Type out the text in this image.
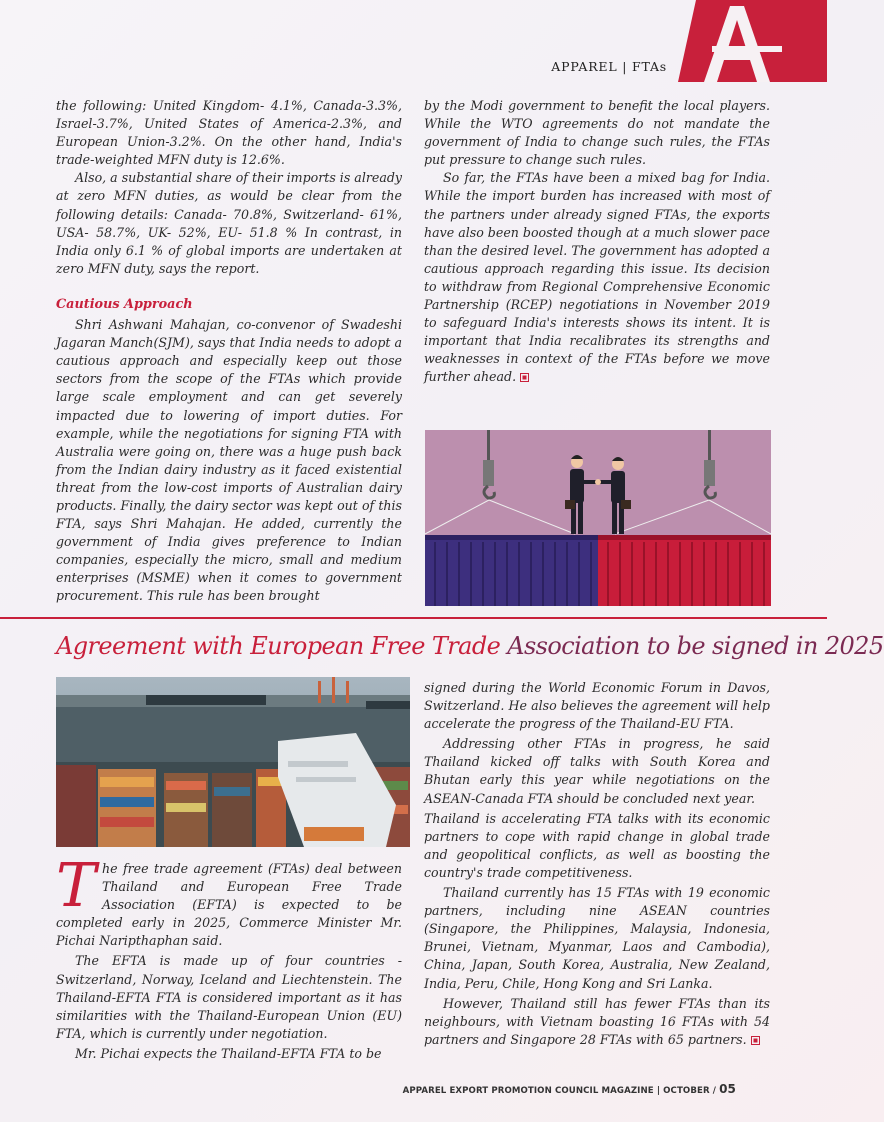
APPAREL | FTAs

the following: United Kingdom- 4.1%, Canada-3.3%, Israel-3.7%, United States of America-2.3%, and European Union-3.2%. On the other hand, India's trade-weighted MFN duty is 12.6%.

Also, a substantial share of their imports is already at zero MFN duties, as would be clear from the following details: Canada- 70.8%, Switzerland- 61%, USA- 58.7%, UK- 52%, EU- 51.8 % In contrast, in India only 6.1 % of global imports are undertaken at zero MFN duty, says the report.

Cautious Approach

Shri Ashwani Mahajan, co-convenor of Swadeshi Jagaran Manch(SJM), says that India needs to adopt a cautious approach and especially keep out those sectors from the scope of the FTAs which provide large scale employment and can get severely impacted due to lowering of import duties. For example, while the negotiations for signing FTA with Australia were going on, there was a huge push back from the Indian dairy industry as it faced existential threat from the low-cost imports of Australian dairy products. Finally, the dairy sector was kept out of this FTA, says Shri Mahajan. He added, currently the government of India gives preference to Indian companies, especially the micro, small and medium enterprises (MSME) when it comes to government procurement. This rule has been brought

by the Modi government to benefit the local players. While the WTO agreements do not mandate the government of India to change such rules, the FTAs put pressure to change such rules.

So far, the FTAs have been a mixed bag for India. While the import burden has increased with most of the partners under already signed FTAs, the exports have also been boosted though at a much slower pace than the desired level. The government has adopted a cautious approach regarding this issue. Its decision to withdraw from Regional Comprehensive Economic Partnership (RCEP) negotiations in November 2019 to safeguard India's interests shows its intent. It is important that India recalibrates its strengths and weaknesses in context of the FTAs before we move further ahead.

Agreement with European Free Trade Association to be signed in 2025

The free trade agreement (FTAs) deal between Thailand and European Free Trade Association (EFTA) is expected to be completed early in 2025, Commerce Minister Mr. Pichai Naripthaphan said.

The EFTA is made up of four countries -Switzerland, Norway, Iceland and Liechtenstein. The Thailand-EFTA FTA is considered important as it has similarities with the Thailand-European Union (EU) FTA, which is currently under negotiation.

Mr. Pichai expects the Thailand-EFTA FTA to be

signed during the World Economic Forum in Davos, Switzerland. He also believes the agreement will help accelerate the progress of the Thailand-EU FTA.

Addressing other FTAs in progress, he said Thailand kicked off talks with South Korea and Bhutan early this year while negotiations on the ASEAN-Canada FTA should be concluded next year.

Thailand is accelerating FTA talks with its economic partners to cope with rapid change in global trade and geopolitical conflicts, as well as boosting the country's trade competitiveness.

Thailand currently has 15 FTAs with 19 economic partners, including nine ASEAN countries (Singapore, the Philippines, Malaysia, Indonesia, Brunei, Vietnam, Myanmar, Laos and Cambodia), China, Japan, South Korea, Australia, New Zealand, India, Peru, Chile, Hong Kong and Sri Lanka.

However, Thailand still has fewer FTAs than its neighbours, with Vietnam boasting 16 FTAs with 54 partners and Singapore 28 FTAs with 65 partners.

APPAREL EXPORT PROMOTION COUNCIL MAGAZINE | OCTOBER / 05
